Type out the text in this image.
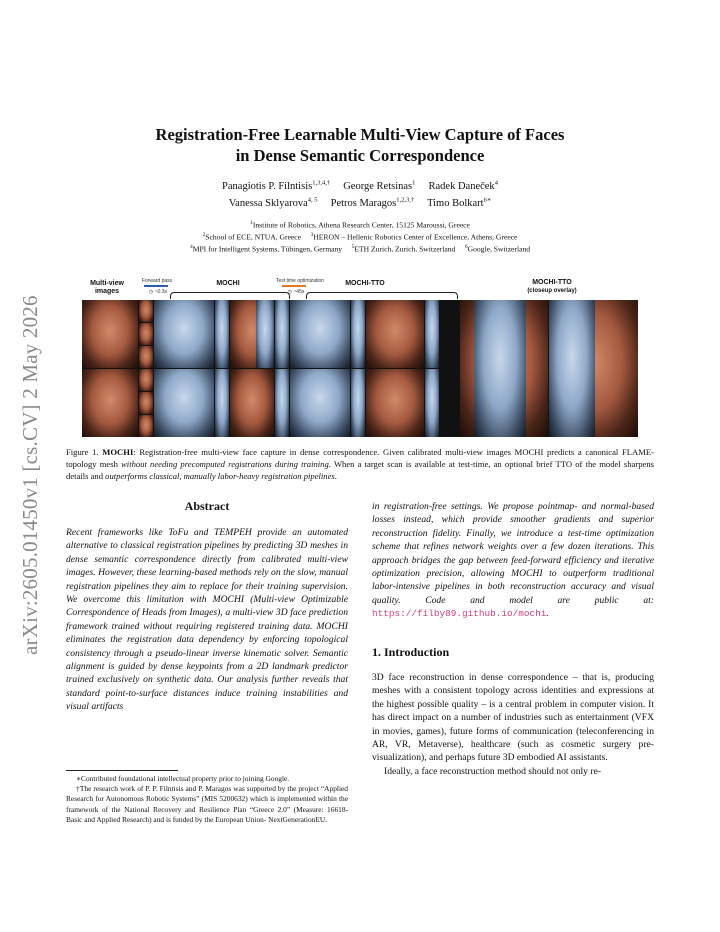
arXiv:2605.01450v1 [cs.CV] 2 May 2026
Registration-Free Learnable Multi-View Capture of Faces
in Dense Semantic Correspondence
Panagiotis P. Filntisis$^{1,3,4,\dagger}$ George Retsinas$^1$ Radek Daneček$^4$
Vanessa Sklyarova$^{4, 5}$ Petros Maragos$^{1,2,3,\dagger}$ Timo Bolkart$^{6∗}$
$^1$Institute of Robotics, Athena Research Center, 15125 Maroussi, Greece
$^2$School of ECE, NTUA, Greece $^3$HERON – Hellenic Robotics Center of Excellence, Athens, Greece
$^4$MPI for Intelligent Systems, Tübingen, Germany $^5$ETH Zurich, Zurich, Switzerland $^6$Google, Switzerland
Multi-view images
Forward pass
◷ ~0.3s
MOCHI	Test time optimization
◷ ~45s
MOCHI-TTO	MOCHI-TTO
(closeup overlay)
Figure 1. MOCHI: Registration-free multi-view face capture in dense correspondence. Given calibrated multi-view images MOCHI predicts a canonical FLAME-topology mesh without needing precomputed registrations during training. When a target scan is available at test-time, an optional brief TTO of the model sharpens details and outperforms classical, manually labor-heavy registration pipelines.
Abstract

Recent frameworks like ToFu and TEMPEH provide an automated alternative to classical registration pipelines by predicting 3D meshes in dense semantic correspondence directly from calibrated multi-view images. However, these learning-based methods rely on the slow, manual registration pipelines they aim to replace for their training supervision. We overcome this limitation with MOCHI (Multi-view Optimizable Correspondence of Heads from Images), a multi-view 3D face prediction framework trained without requiring registered training data. MOCHI eliminates the registration data dependency by enforcing topological consistency through a pseudo-linear inverse kinematic solver. Semantic alignment is guided by dense keypoints from a 2D landmark predictor trained exclusively on synthetic data. Our analysis further reveals that standard point-to-surface distances induce training instabilities and visual artifacts

in registration-free settings. We propose pointmap- and normal-based losses instead, which provide smoother gradients and superior reconstruction fidelity. Finally, we introduce a test-time optimization scheme that refines network weights over a few dozen iterations. This approach bridges the gap between feed-forward efficiency and iterative optimization precision, allowing MOCHI to outperform traditional labor-intensive pipelines in both reconstruction accuracy and visual quality. Code and model are public at: https://filby89.github.io/mochi.

1. Introduction

3D face reconstruction in dense correspondence – that is, producing meshes with a consistent topology across identities and expressions at the highest possible quality – is a central problem in computer vision. It has direct impact on a number of industries such as entertainment (VFX in movies, games), future forms of communication (teleconferencing in AR, VR, Metaverse), healthcare (such as cosmetic surgery pre-visualization), and perhaps future 3D embodied AI assistants.

Ideally, a face reconstruction method should not only re-

∗Contributed foundational intellectual property prior to joining Google.

†The research work of P. P. Filntisis and P. Maragos was supported by the project “Applied Research for Autonomous Robotic Systems” (MIS 5200632) which is implemented within the framework of the National Recovery and Resilience Plan “Greece 2.0” (Measure: 16618- Basic and Applied Research) and is funded by the European Union- NextGenerationEU.
